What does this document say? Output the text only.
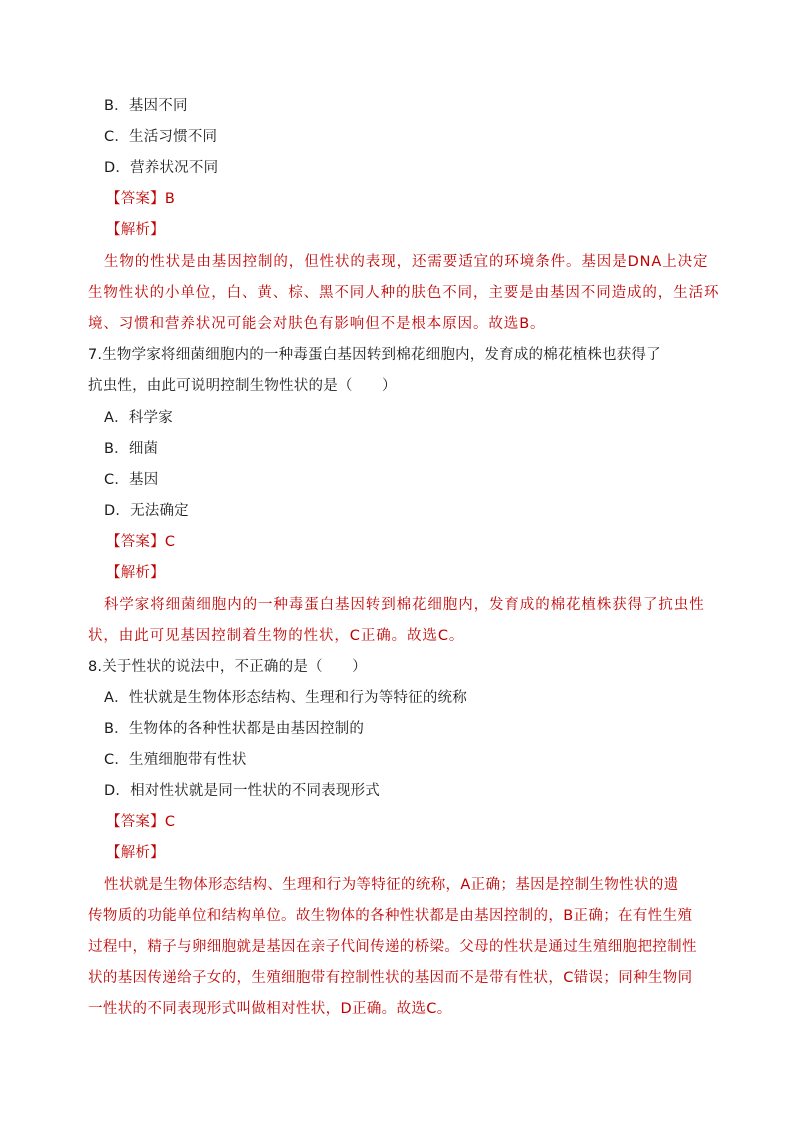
B．基因不同
C．生活习惯不同
D．营养状况不同
【答案】B
【解析】
生物的性状是由基因控制的，但性状的表现，还需要适宜的环境条件。基因是DNA上决定
生物性状的小单位，白、黄、棕、黑不同人种的肤色不同，主要是由基因不同造成的，生活环
境、习惯和营养状况可能会对肤色有影响但不是根本原因。故选B。
7.生物学家将细菌细胞内的一种毒蛋白基因转到棉花细胞内，发育成的棉花植株也获得了
抗虫性，由此可说明控制生物性状的是（　　）
A．科学家
B．细菌
C．基因
D．无法确定
【答案】C
【解析】
科学家将细菌细胞内的一种毒蛋白基因转到棉花细胞内，发育成的棉花植株获得了抗虫性
状，由此可见基因控制着生物的性状，C正确。故选C。
8.关于性状的说法中，不正确的是（　　）
A．性状就是生物体形态结构、生理和行为等特征的统称
B．生物体的各种性状都是由基因控制的
C．生殖细胞带有性状
D．相对性状就是同一性状的不同表现形式
【答案】C
【解析】
性状就是生物体形态结构、生理和行为等特征的统称，A正确；基因是控制生物性状的遗
传物质的功能单位和结构单位。故生物体的各种性状都是由基因控制的，B正确；在有性生殖
过程中，精子与卵细胞就是基因在亲子代间传递的桥梁。父母的性状是通过生殖细胞把控制性
状的基因传递给子女的，生殖细胞带有控制性状的基因而不是带有性状，C错误；同种生物同
一性状的不同表现形式叫做相对性状，D正确。故选C。
